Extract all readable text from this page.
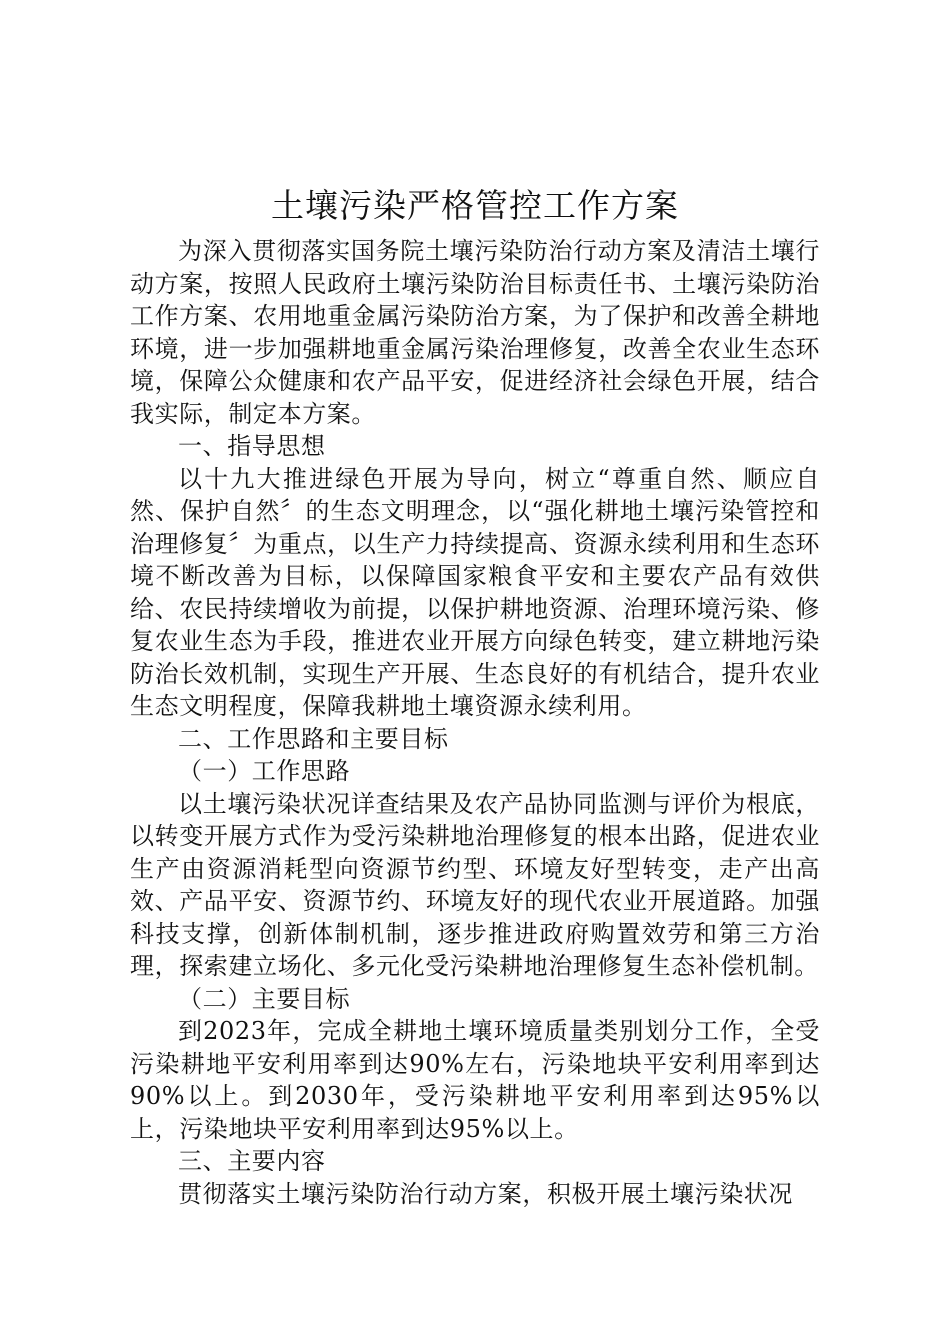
土壤污染严格管控工作方案

为深入贯彻落实国务院土壤污染防治行动方案及清洁土壤行动方案，按照人民政府土壤污染防治目标责任书、土壤污染防治工作方案、农用地重金属污染防治方案，为了保护和改善全耕地环境，进一步加强耕地重金属污染治理修复，改善全农业生态环境，保障公众健康和农产品平安，促进经济社会绿色开展，结合我实际，制定本方案。

一、指导思想

以十九大推进绿色开展为导向，树立“尊重自然、顺应自然、保护自然〞的生态文明理念，以“强化耕地土壤污染管控和治理修复〞为重点，以生产力持续提高、资源永续利用和生态环境不断改善为目标，以保障国家粮食平安和主要农产品有效供给、农民持续增收为前提，以保护耕地资源、治理环境污染、修复农业生态为手段，推进农业开展方向绿色转变，建立耕地污染防治长效机制，实现生产开展、生态良好的有机结合，提升农业生态文明程度，保障我耕地土壤资源永续利用。

二、工作思路和主要目标

（一）工作思路

以土壤污染状况详查结果及农产品协同监测与评价为根底，以转变开展方式作为受污染耕地治理修复的根本出路，促进农业生产由资源消耗型向资源节约型、环境友好型转变，走产出高效、产品平安、资源节约、环境友好的现代农业开展道路。加强科技支撑，创新体制机制，逐步推进政府购置效劳和第三方治理，探索建立场化、多元化受污染耕地治理修复生态补偿机制。

（二）主要目标

到2023年，完成全耕地土壤环境质量类别划分工作，全受污染耕地平安利用率到达90%左右，污染地块平安利用率到达90%以上。到2030年，受污染耕地平安利用率到达95%以上，污染地块平安利用率到达95%以上。

三、主要内容

贯彻落实土壤污染防治行动方案，积极开展土壤污染状况
